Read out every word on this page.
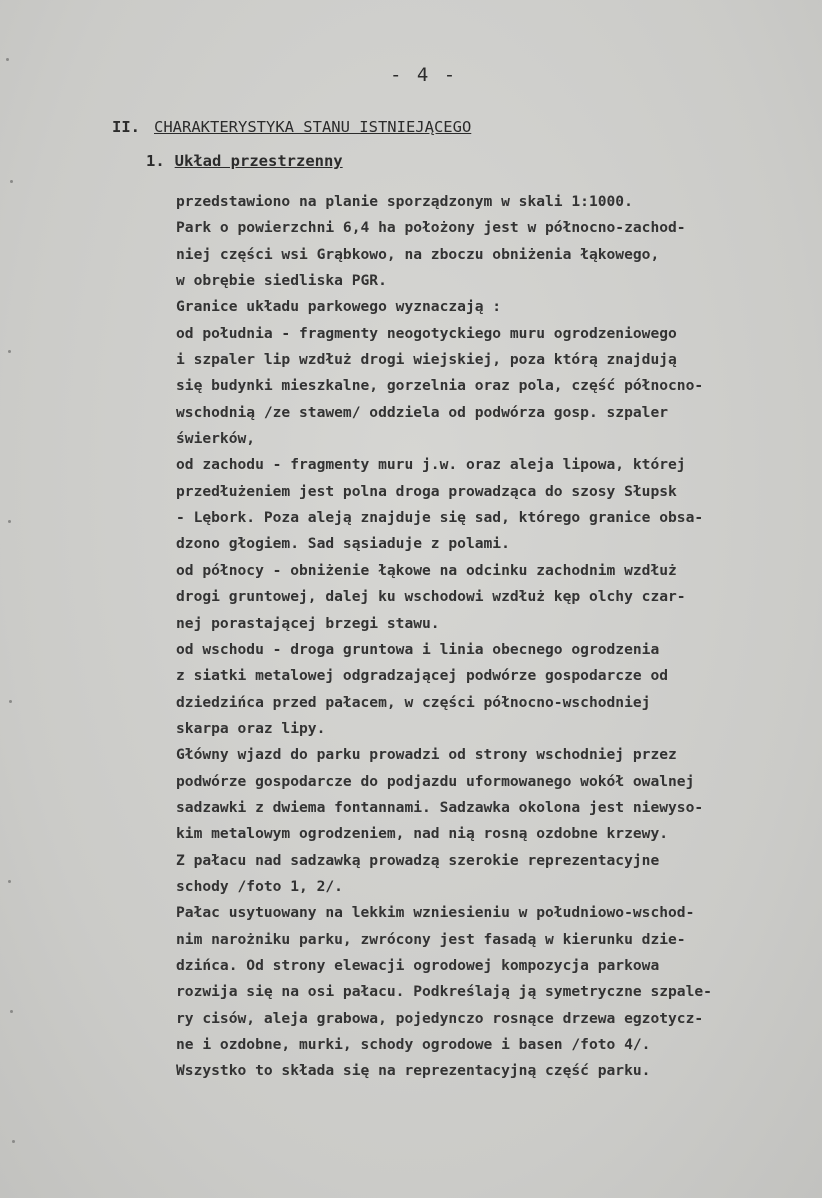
- 4 -
II. CHARAKTERYSTYKA STANU ISTNIEJĄCEGO
1. Układ przestrzenny
przedstawiono na planie sporządzonym w skali 1:1000.
Park o powierzchni 6,4 ha położony jest w północno-zachod-
niej części wsi Grąbkowo, na zboczu obniżenia łąkowego,
w obrębie siedliska PGR.
Granice układu parkowego wyznaczają :
od południa - fragmenty neogotyckiego muru ogrodzeniowego
i szpaler lip wzdłuż drogi wiejskiej, poza którą znajdują
się budynki mieszkalne, gorzelnia oraz pola, część północno-
wschodnią /ze stawem/ oddziela od podwórza gosp. szpaler
świerków,
od zachodu - fragmenty muru j.w. oraz aleja lipowa, której
przedłużeniem jest polna droga prowadząca do szosy Słupsk
- Lębork. Poza aleją znajduje się sad, którego granice obsa-
dzono głogiem. Sad sąsiaduje z polami.
od północy - obniżenie łąkowe na odcinku zachodnim wzdłuż
drogi gruntowej, dalej ku wschodowi wzdłuż kęp olchy czar-
nej porastającej brzegi stawu.
od wschodu - droga gruntowa i linia obecnego ogrodzenia
z siatki metalowej odgradzającej podwórze gospodarcze od
dziedzińca przed pałacem, w części północno-wschodniej
skarpa oraz lipy.
Główny wjazd do parku prowadzi od strony wschodniej przez
podwórze gospodarcze do podjazdu uformowanego wokół owalnej
sadzawki z dwiema fontannami. Sadzawka okolona jest niewyso-
kim metalowym ogrodzeniem, nad nią rosną ozdobne krzewy.
Z pałacu nad sadzawką prowadzą szerokie reprezentacyjne
schody /foto 1, 2/.
Pałac usytuowany na lekkim wzniesieniu w południowo-wschod-
nim narożniku parku, zwrócony jest fasadą w kierunku dzie-
dzińca. Od strony elewacji ogrodowej kompozycja parkowa
rozwija się na osi pałacu. Podkreślają ją symetryczne szpale-
ry cisów, aleja grabowa, pojedynczo rosnące drzewa egzotycz-
ne i ozdobne, murki, schody ogrodowe i basen /foto 4/.
Wszystko to składa się na reprezentacyjną część parku.
